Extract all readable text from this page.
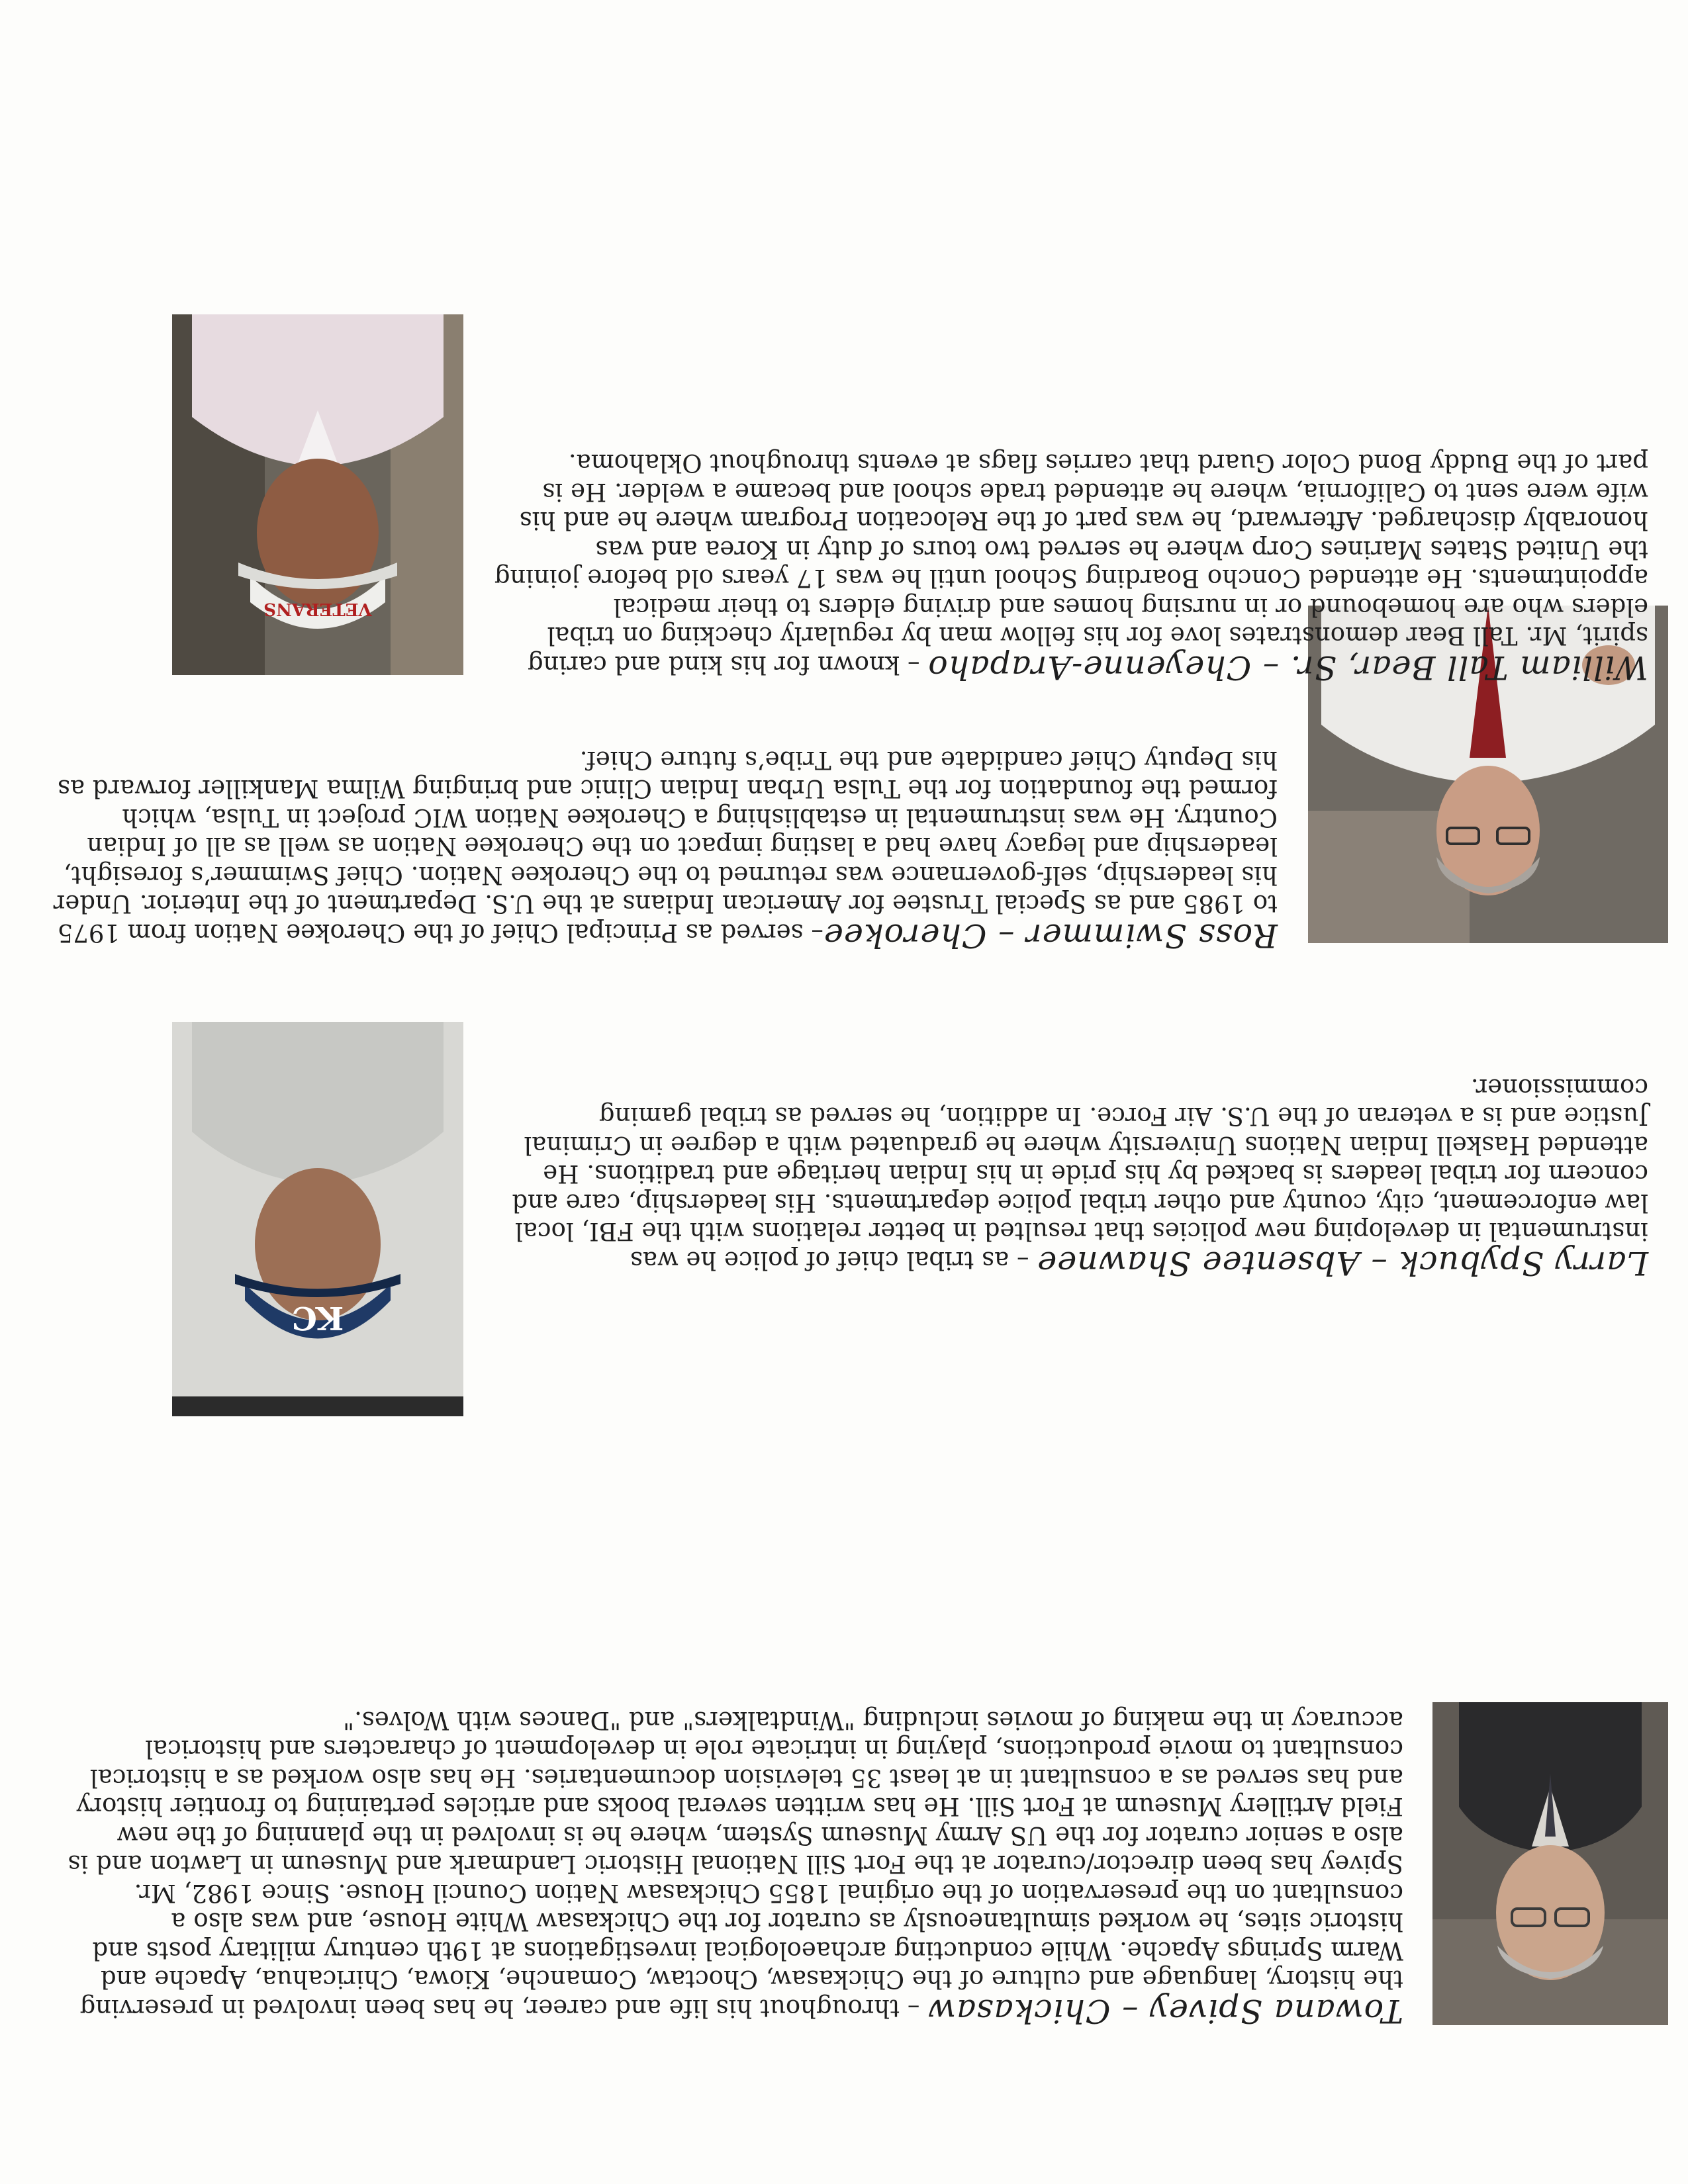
Towana Spivey – Chickasaw – throughout his life and career, he has been involved in preserving the history, language and culture of the Chickasaw, Choctaw, Comanche, Kiowa, Chiricahua, Apache and Warm Springs Apache. While conducting archaeological investigations at 19th century military posts and historic sites, he worked simultaneously as curator for the Chickasaw White House, and was also a consultant on the preservation of the original 1855 Chickasaw Nation Council House. Since 1982, Mr. Spivey has been director/curator at the Fort Sill National Historic Landmark and Museum in Lawton and is also a senior curator for the US Army Museum System, where he is involved in the planning of the new Field Artillery Museum at Fort Sill. He has written several books and articles pertaining to frontier history and has served as a consultant in at least 35 television documentaries. He has also worked as a historical consultant to movie productions, playing in intricate role in development of characters and historical accuracy in the making of movies including "Windtalkers" and "Dances with Wolves."

KC

Larry Spybuck – Absentee Shawnee – as tribal chief of police he was instrumental in developing new policies that resulted in better relations with the FBI, local law enforcement, city, county and other tribal police departments. His leadership, care and concern for tribal leaders is backed by his pride in his Indian heritage and traditions. He attended Haskell Indian Nations University where he graduated with a degree in Criminal Justice and is a veteran of the U.S. Air Force. In addition, he served as tribal gaming commissioner.

Ross Swimmer – Cherokee– served as Principal Chief of the Cherokee Nation from 1975 to 1985 and as Special Trustee for American Indians at the U.S. Department of the Interior. Under his leadership, self-governance was returned to the Cherokee Nation. Chief Swimmer’s foresight, leadership and legacy have had a lasting impact on the Cherokee Nation as well as all of Indian Country. He was instrumental in establishing a Cherokee Nation WIC project in Tulsa, which formed the foundation for the Tulsa Urban Indian Clinic and bringing Wilma Mankiller forward as his Deputy Chief candidate and the Tribe’s future Chief.

VETERANS

William Tall Bear, Sr. – Cheyenne-Arapaho – known for his kind and caring spirit, Mr. Tall Bear demonstrates love for his fellow man by regularly checking on tribal elders who are homebound or in nursing homes and driving elders to their medical appointments. He attended Concho Boarding School until he was 17 years old before joining the United States Marines Corp where he served two tours of duty in Korea and was honorably discharged. Afterward, he was part of the Relocation Program where he and his wife were sent to California, where he attended trade school and became a welder. He is part of the Buddy Bond Color Guard that carries flags at events throughout Oklahoma.
